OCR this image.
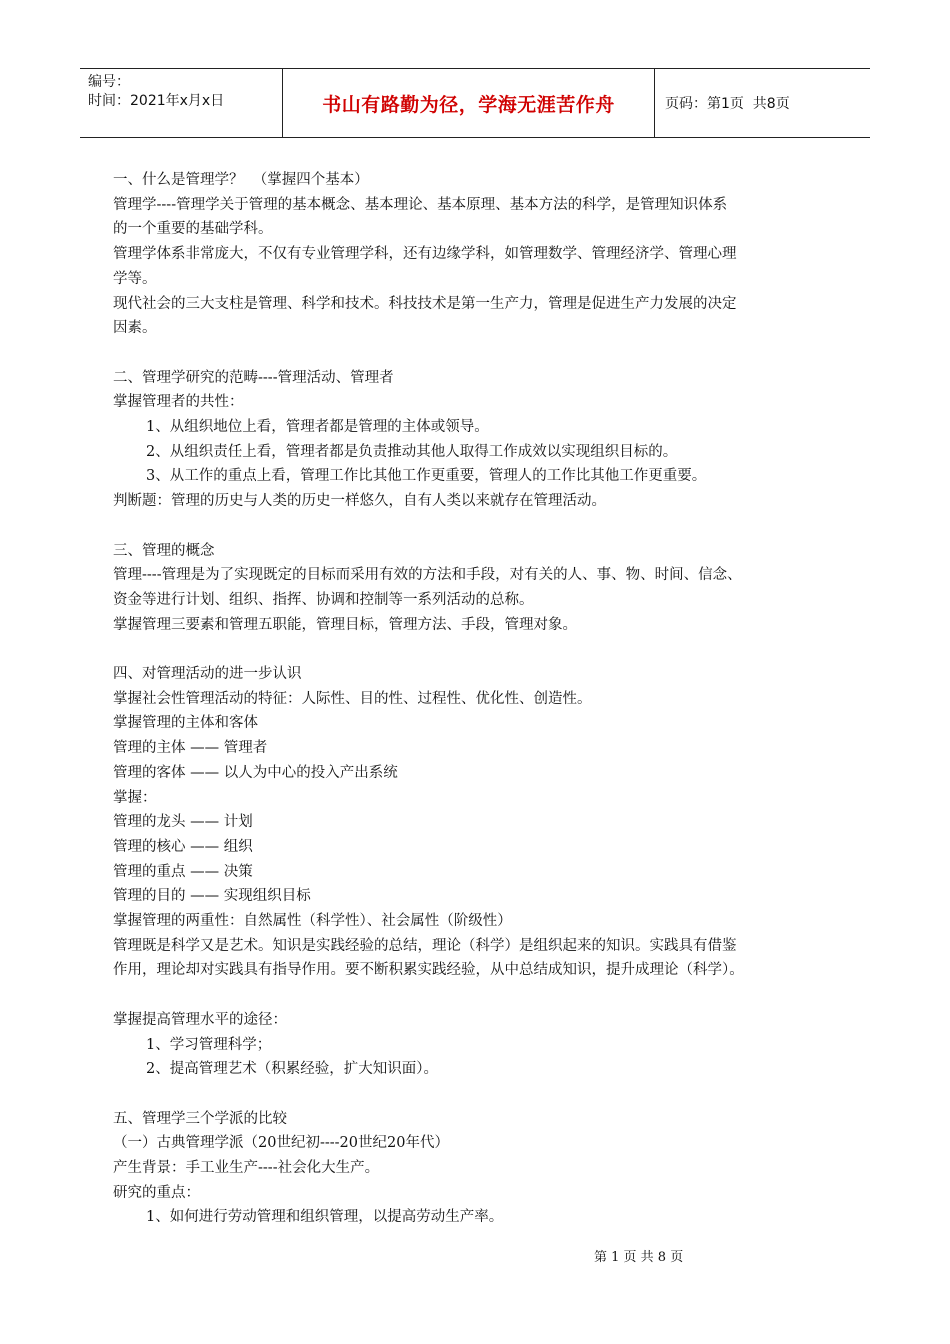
编号：
时间：2021年x月x日	书山有路勤为径，学海无涯苦作舟	页码：第1页  共8页

一、什么是管理学？  （掌握四个基本）

管理学----管理学关于管理的基本概念、基本理论、基本原理、基本方法的科学，是管理知识体系

的一个重要的基础学科。

管理学体系非常庞大，不仅有专业管理学科，还有边缘学科，如管理数学、管理经济学、管理心理

学等。

现代社会的三大支柱是管理、科学和技术。科技技术是第一生产力，管理是促进生产力发展的决定

因素。

二、管理学研究的范畴----管理活动、管理者

掌握管理者的共性：

1、从组织地位上看，管理者都是管理的主体或领导。

2、从组织责任上看，管理者都是负责推动其他人取得工作成效以实现组织目标的。

3、从工作的重点上看，管理工作比其他工作更重要，管理人的工作比其他工作更重要。

判断题：管理的历史与人类的历史一样悠久，自有人类以来就存在管理活动。

三、管理的概念

管理----管理是为了实现既定的目标而采用有效的方法和手段，对有关的人、事、物、时间、信念、

资金等进行计划、组织、指挥、协调和控制等一系列活动的总称。

掌握管理三要素和管理五职能，管理目标，管理方法、手段，管理对象。

四、对管理活动的进一步认识

掌握社会性管理活动的特征：人际性、目的性、过程性、优化性、创造性。

掌握管理的主体和客体

管理的主体 —— 管理者

管理的客体 —— 以人为中心的投入产出系统

掌握：

管理的龙头 —— 计划

管理的核心 —— 组织

管理的重点 —— 决策

管理的目的 —— 实现组织目标

掌握管理的两重性：自然属性（科学性）、社会属性（阶级性）

管理既是科学又是艺术。知识是实践经验的总结，理论（科学）是组织起来的知识。实践具有借鉴

作用，理论却对实践具有指导作用。要不断积累实践经验，从中总结成知识，提升成理论（科学）。

掌握提高管理水平的途径：

1、学习管理科学；

2、提高管理艺术（积累经验，扩大知识面）。

五、管理学三个学派的比较

（一）古典管理学派（20世纪初----20世纪20年代）

产生背景：手工业生产----社会化大生产。

研究的重点：

1、如何进行劳动管理和组织管理，以提高劳动生产率。

第 1 页 共 8 页
